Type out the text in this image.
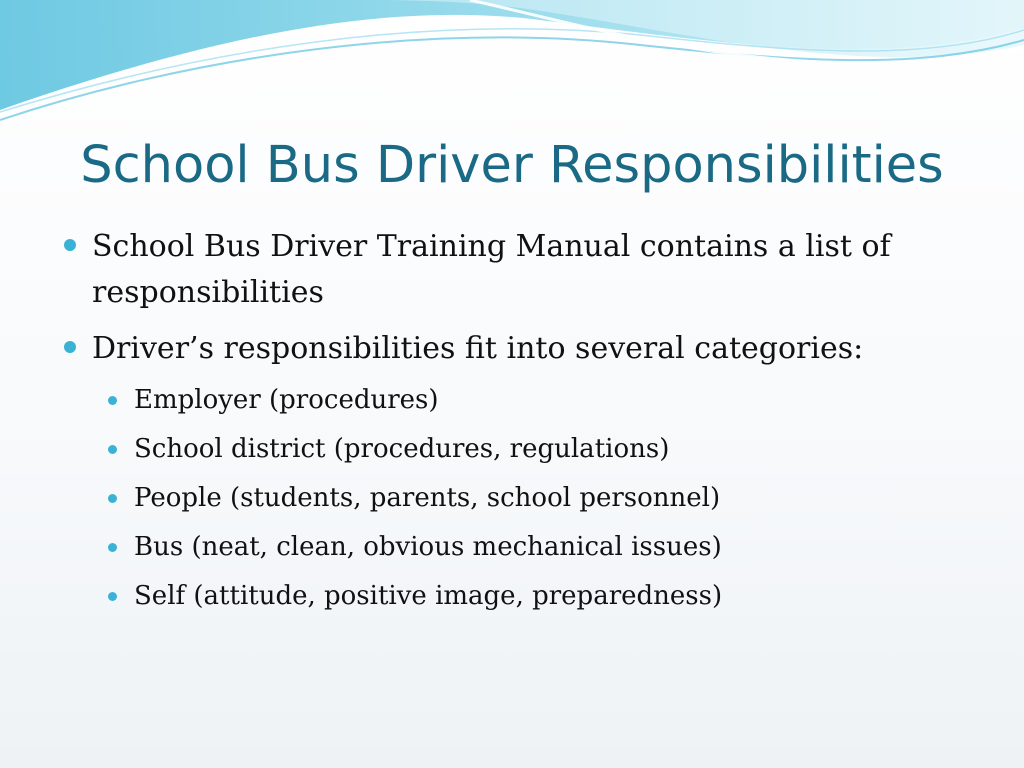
School Bus Driver Responsibilities

School Bus Driver Training Manual contains a list of responsibilities

Driver’s responsibilities fit into several categories:

Employer (procedures)

School district (procedures, regulations)

People (students, parents, school personnel)

Bus (neat, clean, obvious mechanical issues)

Self (attitude, positive image, preparedness)
